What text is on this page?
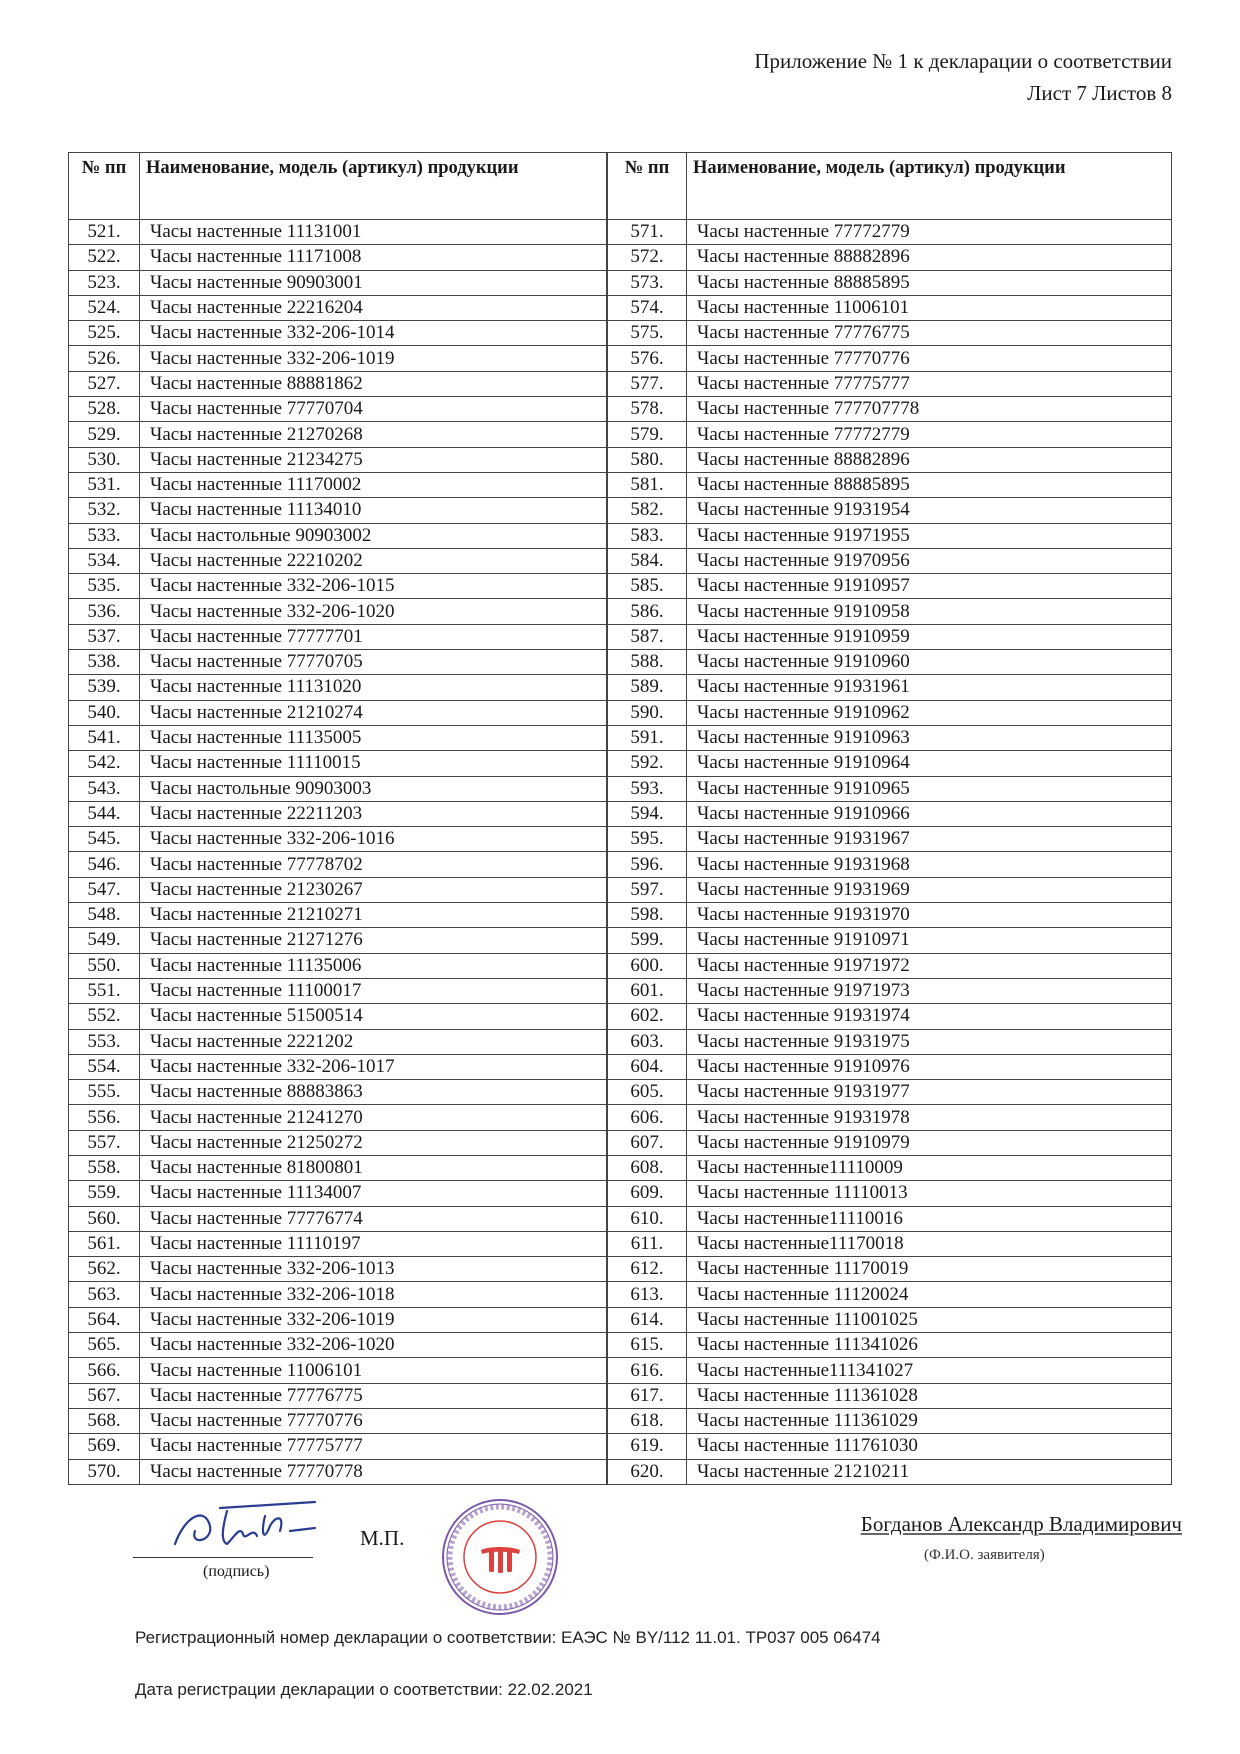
Приложение № 1 к декларации о соответствии
Лист 7 Листов 8
№ пп	Наименование, модель (артикул) продукции
521.	Часы настенные 11131001
522.	Часы настенные 11171008
523.	Часы настенные 90903001
524.	Часы настенные 22216204
525.	Часы настенные 332-206-1014
526.	Часы настенные 332-206-1019
527.	Часы настенные 88881862
528.	Часы настенные 77770704
529.	Часы настенные 21270268
530.	Часы настенные 21234275
531.	Часы настенные 11170002
532.	Часы настенные 11134010
533.	Часы настольные 90903002
534.	Часы настенные 22210202
535.	Часы настенные 332-206-1015
536.	Часы настенные 332-206-1020
537.	Часы настенные 77777701
538.	Часы настенные 77770705
539.	Часы настенные 11131020
540.	Часы настенные 21210274
541.	Часы настенные 11135005
542.	Часы настенные 11110015
543.	Часы настольные 90903003
544.	Часы настенные 22211203
545.	Часы настенные 332-206-1016
546.	Часы настенные 77778702
547.	Часы настенные 21230267
548.	Часы настенные 21210271
549.	Часы настенные 21271276
550.	Часы настенные 11135006
551.	Часы настенные 11100017
552.	Часы настенные 51500514
553.	Часы настенные 2221202
554.	Часы настенные 332-206-1017
555.	Часы настенные 88883863
556.	Часы настенные 21241270
557.	Часы настенные 21250272
558.	Часы настенные 81800801
559.	Часы настенные 11134007
560.	Часы настенные 77776774
561.	Часы настенные 11110197
562.	Часы настенные 332-206-1013
563.	Часы настенные 332-206-1018
564.	Часы настенные 332-206-1019
565.	Часы настенные 332-206-1020
566.	Часы настенные 11006101
567.	Часы настенные 77776775
568.	Часы настенные 77770776
569.	Часы настенные 77775777
570.	Часы настенные 77770778
№ пп	Наименование, модель (артикул) продукции
571.	Часы настенные 77772779
572.	Часы настенные 88882896
573.	Часы настенные 88885895
574.	Часы настенные 11006101
575.	Часы настенные 77776775
576.	Часы настенные 77770776
577.	Часы настенные 77775777
578.	Часы настенные 777707778
579.	Часы настенные 77772779
580.	Часы настенные 88882896
581.	Часы настенные 88885895
582.	Часы настенные 91931954
583.	Часы настенные 91971955
584.	Часы настенные 91970956
585.	Часы настенные 91910957
586.	Часы настенные 91910958
587.	Часы настенные 91910959
588.	Часы настенные 91910960
589.	Часы настенные 91931961
590.	Часы настенные 91910962
591.	Часы настенные 91910963
592.	Часы настенные 91910964
593.	Часы настенные 91910965
594.	Часы настенные 91910966
595.	Часы настенные 91931967
596.	Часы настенные 91931968
597.	Часы настенные 91931969
598.	Часы настенные 91931970
599.	Часы настенные 91910971
600.	Часы настенные 91971972
601.	Часы настенные 91971973
602.	Часы настенные 91931974
603.	Часы настенные 91931975
604.	Часы настенные 91910976
605.	Часы настенные 91931977
606.	Часы настенные 91931978
607.	Часы настенные 91910979
608.	Часы настенные11110009
609.	Часы настенные 11110013
610.	Часы настенные11110016
611.	Часы настенные11170018
612.	Часы настенные 11170019
613.	Часы настенные 11120024
614.	Часы настенные 111001025
615.	Часы настенные 111341026
616.	Часы настенные111341027
617.	Часы настенные 111361028
618.	Часы настенные 111361029
619.	Часы настенные 111761030
620.	Часы настенные 21210211
(подпись)
М.П.
Богданов Александр Владимирович
(Ф.И.О. заявителя)
Регистрационный номер декларации о соответствии: ЕАЭС № BY/112 11.01. ТР037 005 06474
Дата регистрации декларации о соответствии: 22.02.2021
